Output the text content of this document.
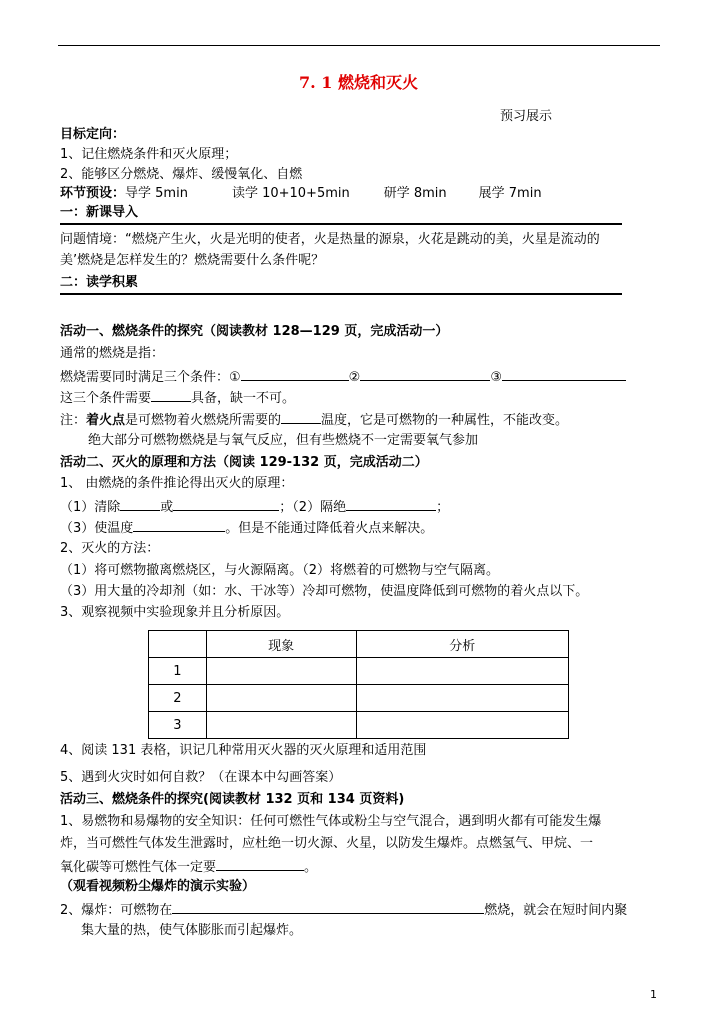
7. 1 燃烧和灭火
预习展示
目标定向：
1、记住燃烧条件和灭火原理；
2、能够区分燃烧、爆炸、缓慢氧化、自燃
环节预设：导学 5min	读学 10+10+5min	研学 8min 展学 7min
一：新课导入
问题情境：“燃烧产生火，火是光明的使者，火是热量的源泉，火花是跳动的美，火星是流动的
美’燃烧是怎样发生的？燃烧需要什么条件呢？
二：读学积累
活动一、燃烧条件的探究（阅读教材 128—129 页，完成活动一）
通常的燃烧是指：
燃烧需要同时满足三个条件：①	②	③
这三个条件需要	具备，缺一不可。
注：着火点是可燃物着火燃烧所需要的	温度，它是可燃物的一种属性，不能改变。
绝大部分可燃物燃烧是与氧气反应，但有些燃烧不一定需要氧气参加
活动二、灭火的原理和方法（阅读 129-132 页，完成活动二）
1、 由燃烧的条件推论得出灭火的原理：
（1）清除	或	；（2）隔绝	；
（3）使温度	。但是不能通过降低着火点来解决。
2、灭火的方法：
（1）将可燃物撤离燃烧区，与火源隔离。（2）将燃着的可燃物与空气隔离。
（3）用大量的冷却剂（如：水、干冰等）冷却可燃物，使温度降低到可燃物的着火点以下。
3、观察视频中实验现象并且分析原因。
	现象	分析
1		
2		
3		
4、阅读 131 表格，识记几种常用灭火器的灭火原理和适用范围
5、遇到火灾时如何自救？（在课本中勾画答案）
活动三、燃烧条件的探究(阅读教材 132 页和 134 页资料)
1、易燃物和易爆物的安全知识：任何可燃性气体或粉尘与空气混合，遇到明火都有可能发生爆
炸，当可燃性气体发生泄露时，应杜绝一切火源、火星，以防发生爆炸。点燃氢气、甲烷、一
氧化碳等可燃性气体一定要	。
（观看视频粉尘爆炸的演示实验）
2、爆炸：可燃物在	燃烧，就会在短时间内聚
集大量的热，使气体膨胀而引起爆炸。
1
